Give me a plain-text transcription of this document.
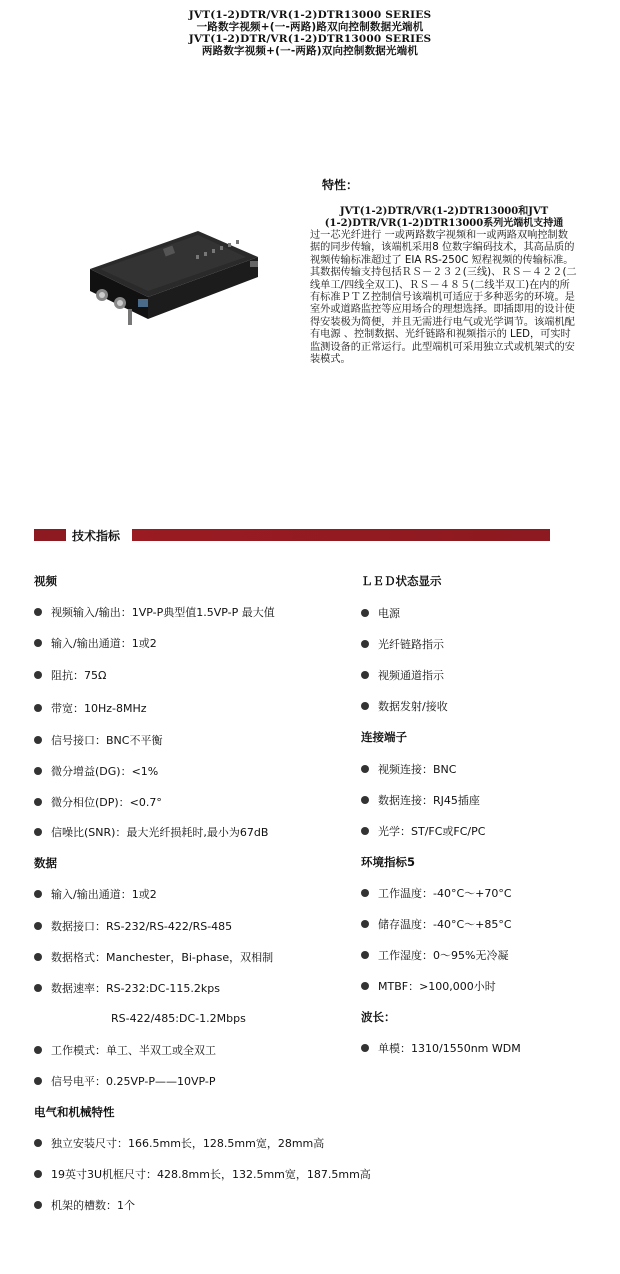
JVT(1-2)DTR/VR(1-2)DTR13000 SERIES
一路数字视频+(一-两路)路双向控制数据光端机
JVT(1-2)DTR/VR(1-2)DTR13000 SERIES
两路数字视频+(一-两路)双向控制数据光端机
特性：
JVT(1-2)DTR/VR(1-2)DTR13000和JVT
(1-2)DTR/VR(1-2)DTR13000系列光端机支持通
过一芯光纤进行 一或两路数字视频和一或两路双响控制数据的同步传输，该端机采用8 位数字编码技术，其高品质的视频传输标准超过了 EIA RS-250C 短程视频的传输标准。 其数据传输支持包括ＲＳ－２３２(三线)、ＲＳ－４２２(二线单工/四线全双工)、ＲＳ－４８５(二线半双工)在内的所有标准ＰＴＺ控制信号该端机可适应于多种恶劣的环境。是室外或道路监控等应用场合的理想选择。即插即用的设计使得安装极为简便，并且无需进行电气或光学调节。该端机配有电源 、控制数据、光纤链路和视频指示的 LED，可实时监测设备的正常运行。此型端机可采用独立式或机架式的安装模式。
技术指标
视频
视频输入/输出：1VP-P典型值1.5VP-P 最大值
输入/输出通道：1或2
阻抗：75Ω
带宽：10Hz-8MHz
信号接口：BNC不平衡
微分增益(DG)：<1%
微分相位(DP)：<0.7°
信噪比(SNR)：最大光纤损耗时,最小为67dB
数据
输入/输出通道：1或2
数据接口：RS-232/RS-422/RS-485
数据格式：Manchester，Bi-phase，双相制
数据速率：RS-232:DC-115.2kps
RS-422/485:DC-1.2Mbps
工作模式：单工、半双工或全双工
信号电平：0.25VP-P——10VP-P
电气和机械特性
独立安装尺寸：166.5mm长，128.5mm宽，28mm高
19英寸3U机框尺寸：428.8mm长，132.5mm宽，187.5mm高
机架的槽数：1个
ＬＥＤ状态显示
电源
光纤链路指示
视频通道指示
数据发射/接收
连接端子
视频连接：BNC
数据连接：RJ45插座
光学：ST/FC或FC/PC
环境指标5
工作温度：-40°C～+70°C
储存温度：-40°C～+85°C
工作湿度：0～95%无冷凝
MTBF：>100,000小时
波长：
单模：1310/1550nm WDM
